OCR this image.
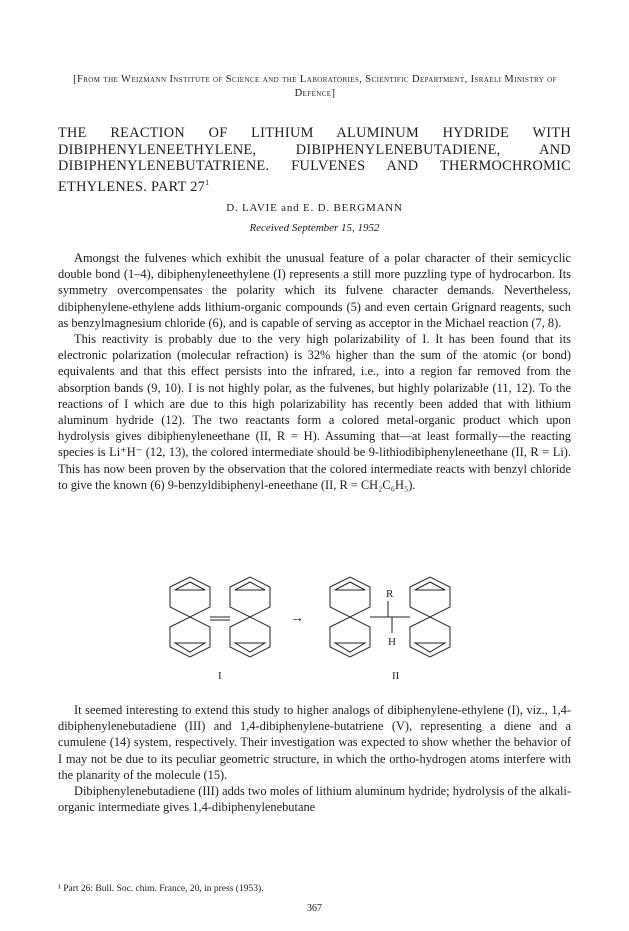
[From the Weizmann Institute of Science and the Laboratories, Scientific Department, Israeli Ministry of Defence]
THE REACTION OF LITHIUM ALUMINUM HYDRIDE WITH DIBIPHENYLENEETHYLENE, DIBIPHENYLENEBUTADIENE, AND DIBIPHENYLENEBUTATRIENE. FULVENES AND THERMOCHROMIC ETHYLENES. PART $27^1$
D. LAVIE and E. D. BERGMANN
Received September 15, 1952

Amongst the fulvenes which exhibit the unusual feature of a polar character of their semicyclic double bond (1–4), dibiphenyleneethylene (I) represents a still more puzzling type of hydrocarbon. Its symmetry overcompensates the polarity which its fulvene character demands. Nevertheless, dibiphenylene-ethylene adds lithium-organic compounds (5) and even certain Grignard reagents, such as benzylmagnesium chloride (6), and is capable of serving as acceptor in the Michael reaction (7, 8).

This reactivity is probably due to the very high polarizability of I. It has been found that its electronic polarization (molecular refraction) is 32% higher than the sum of the atomic (or bond) equivalents and that this effect persists into the infrared, i.e., into a region far removed from the absorption bands (9, 10). I is not highly polar, as the fulvenes, but highly polarizable (11, 12). To the reactions of I which are due to this high polarizability has recently been added that with lithium aluminum hydride (12). The two reactants form a colored metal-organic product which upon hydrolysis gives dibiphenyleneethane (II, R = H). Assuming that—at least formally—the reacting species is Li⁺H⁻ (12, 13), the colored intermediate should be 9-lithiodibiphenyleneethane (II, R = Li). This has now been proven by the observation that the colored intermediate reacts with benzyl chloride to give the known (6) 9-benzyldibiphenyl-eneethane (II, R = CH₂C₆H₅).

→
R
H
I	II

It seemed interesting to extend this study to higher analogs of dibiphenylene-ethylene (I), viz., 1,4-dibiphenylenebutadiene (III) and 1,4-dibiphenylene-butatriene (V), representing a diene and a cumulene (14) system, respectively. Their investigation was expected to show whether the behavior of I may not be due to its peculiar geometric structure, in which the ortho-hydrogen atoms interfere with the planarity of the molecule (15).

Dibiphenylenebutadiene (III) adds two moles of lithium aluminum hydride; hydrolysis of the alkali-organic intermediate gives 1,4-dibiphenylenebutane

¹ Part 26: Bull. Soc. chim. France, 20, in press (1953).
367
